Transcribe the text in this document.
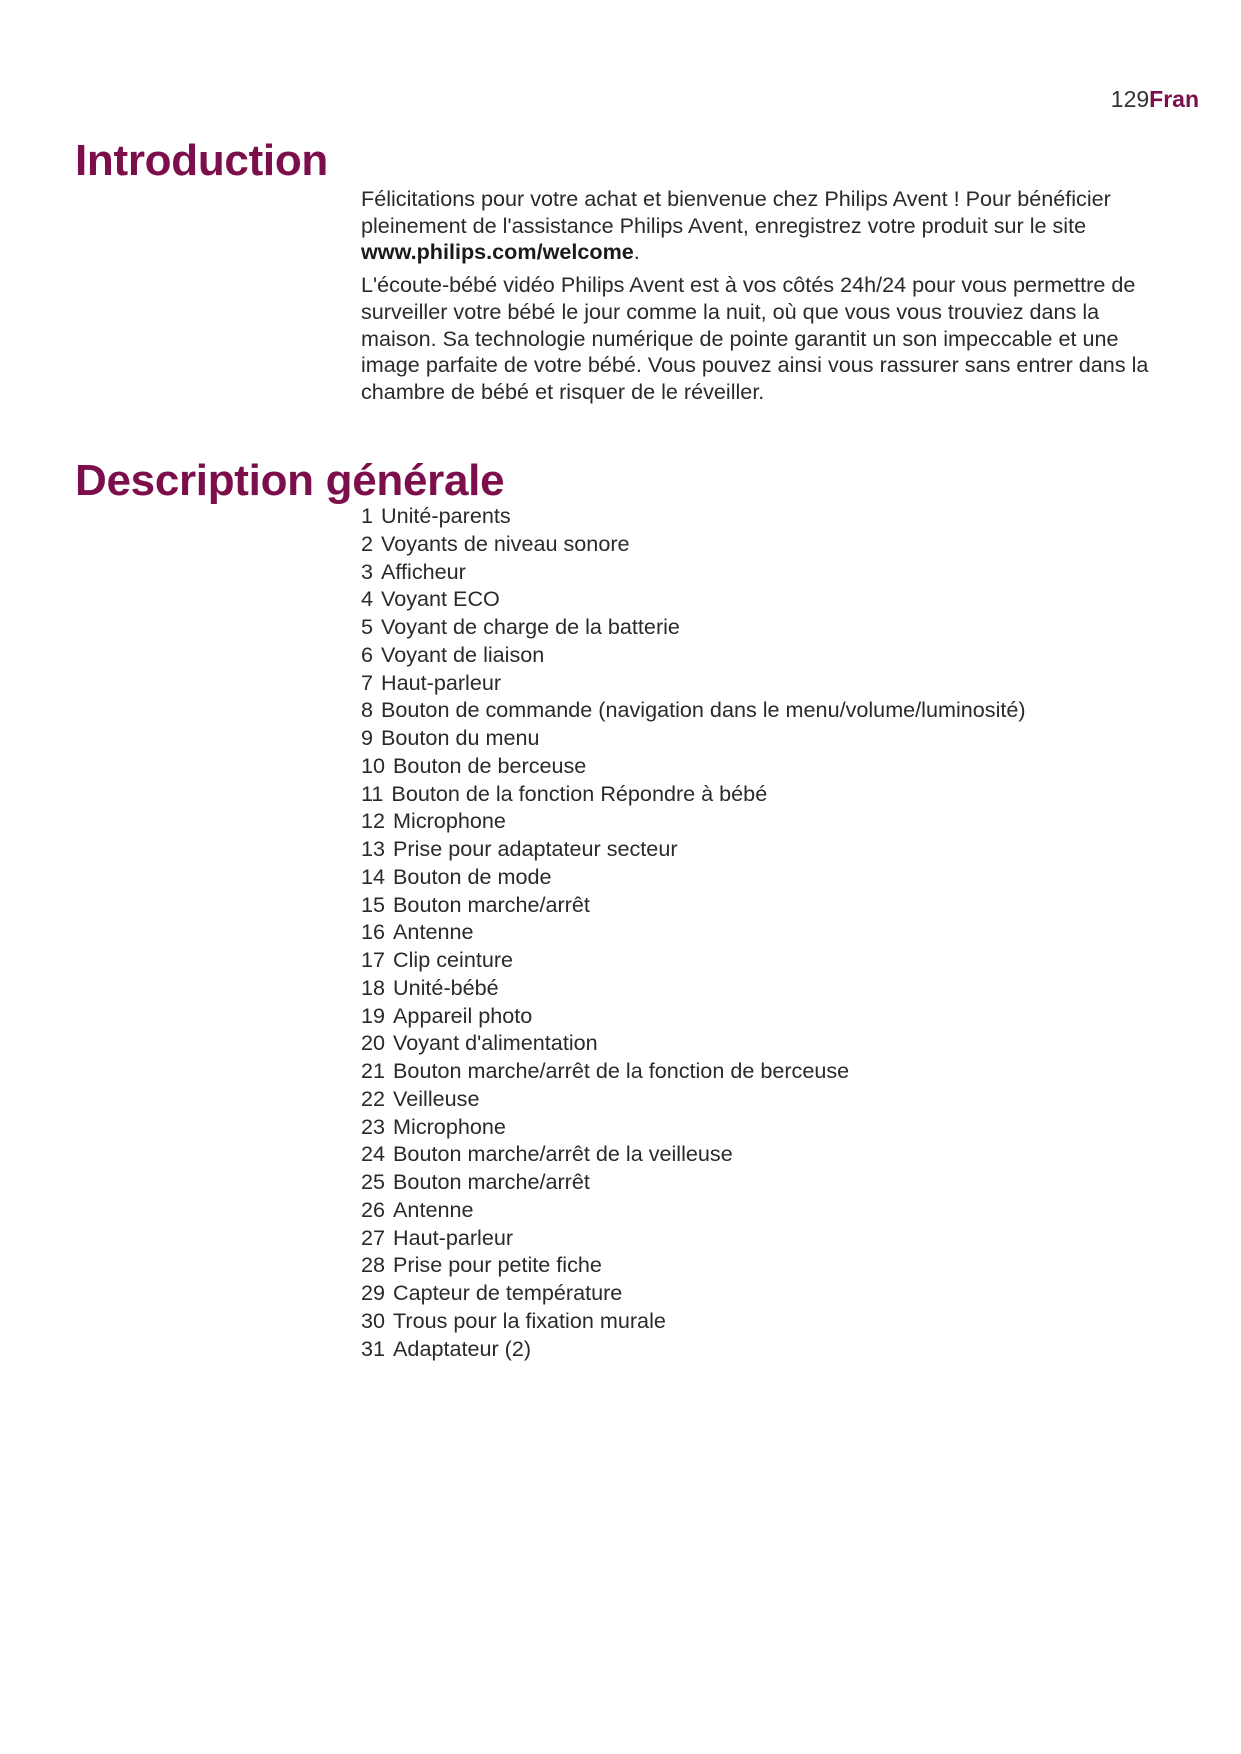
129Fran
Introduction

Félicitations pour votre achat et bienvenue chez Philips Avent ! Pour bénéficier pleinement de l'assistance Philips Avent, enregistrez votre produit sur le site www.philips.com/welcome.

L'écoute-bébé vidéo Philips Avent est à vos côtés 24h/24 pour vous permettre de surveiller votre bébé le jour comme la nuit, où que vous vous trouviez dans la maison. Sa technologie numérique de pointe garantit un son impeccable et une image parfaite de votre bébé. Vous pouvez ainsi vous rassurer sans entrer dans la chambre de bébé et risquer de le réveiller.

Description générale
1 Unité-parents
2 Voyants de niveau sonore
3 Afficheur
4 Voyant ECO
5 Voyant de charge de la batterie
6 Voyant de liaison
7 Haut-parleur
8 Bouton de commande (navigation dans le menu/volume/luminosité)
9 Bouton du menu
10 Bouton de berceuse
11 Bouton de la fonction Répondre à bébé
12 Microphone
13 Prise pour adaptateur secteur
14 Bouton de mode
15 Bouton marche/arrêt
16 Antenne
17 Clip ceinture
18 Unité-bébé
19 Appareil photo
20 Voyant d'alimentation
21 Bouton marche/arrêt de la fonction de berceuse
22 Veilleuse
23 Microphone
24 Bouton marche/arrêt de la veilleuse
25 Bouton marche/arrêt
26 Antenne
27 Haut-parleur
28 Prise pour petite fiche
29 Capteur de température
30 Trous pour la fixation murale
31 Adaptateur (2)
